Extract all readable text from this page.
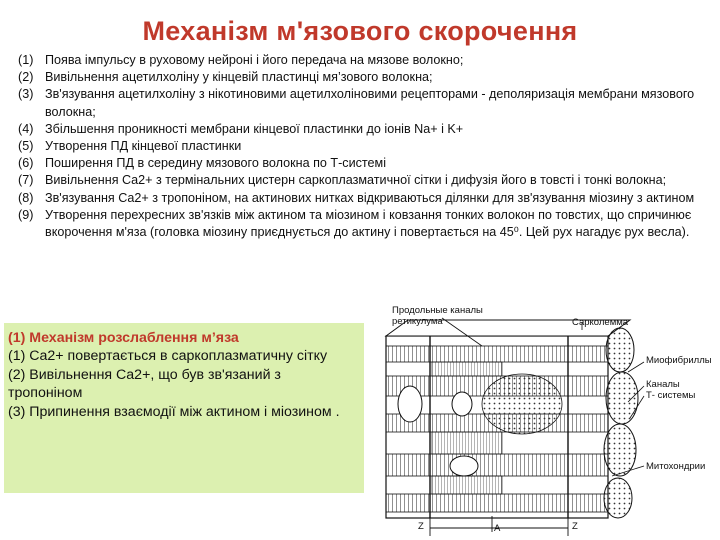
Механізм м'язового скорочення
(1) Поява імпульсу в руховому нейроні і його передача на мязове волокно;
(2) Вивільнення ацетилхоліну у кінцевій пластинці мя’зового волокна;
(3) Зв'язування ацетилхоліну з нікотиновими ацетилхоліновими рецепторами - деполяризація мембрани мязового волокна;
(4) Збільшення проникності мембрани кінцевої пластинки до іонів Na+ і K+
(5) Утворення ПД кінцевої пластинки
(6) Поширення ПД в середину мязового волокна по Т-системі
(7) Вивільнення Ca2+ з термінальних цистерн саркоплазматичної сітки і дифузія його в товсті і тонкі волокна;
(8) Зв'язування Ca2+ з тропоніном, на актинових нитках відкриваються ділянки для зв'язування міозину з актином
(9) Утворення перехресних зв'язків між актином та міозином і ковзання тонких волокон по товстих, що спричинює вкорочення м'яза (головка міозину приєднується до актину і повертається на 45⁰. Цей рух нагадує рух весла).
(1) Механізм розслаблення м’яза
(1) Ca2+ повертається в саркоплазматичну сітку
(2) Вивільнення Ca2+, що був зв'язаний з тропоніном
(3) Припинення взаємодії між актином і міозином .
Продольные каналы
ретикулума	Сарколемма
Миофибриллы
Каналы
Т- системы
Митохондрии
Z	A	Z
